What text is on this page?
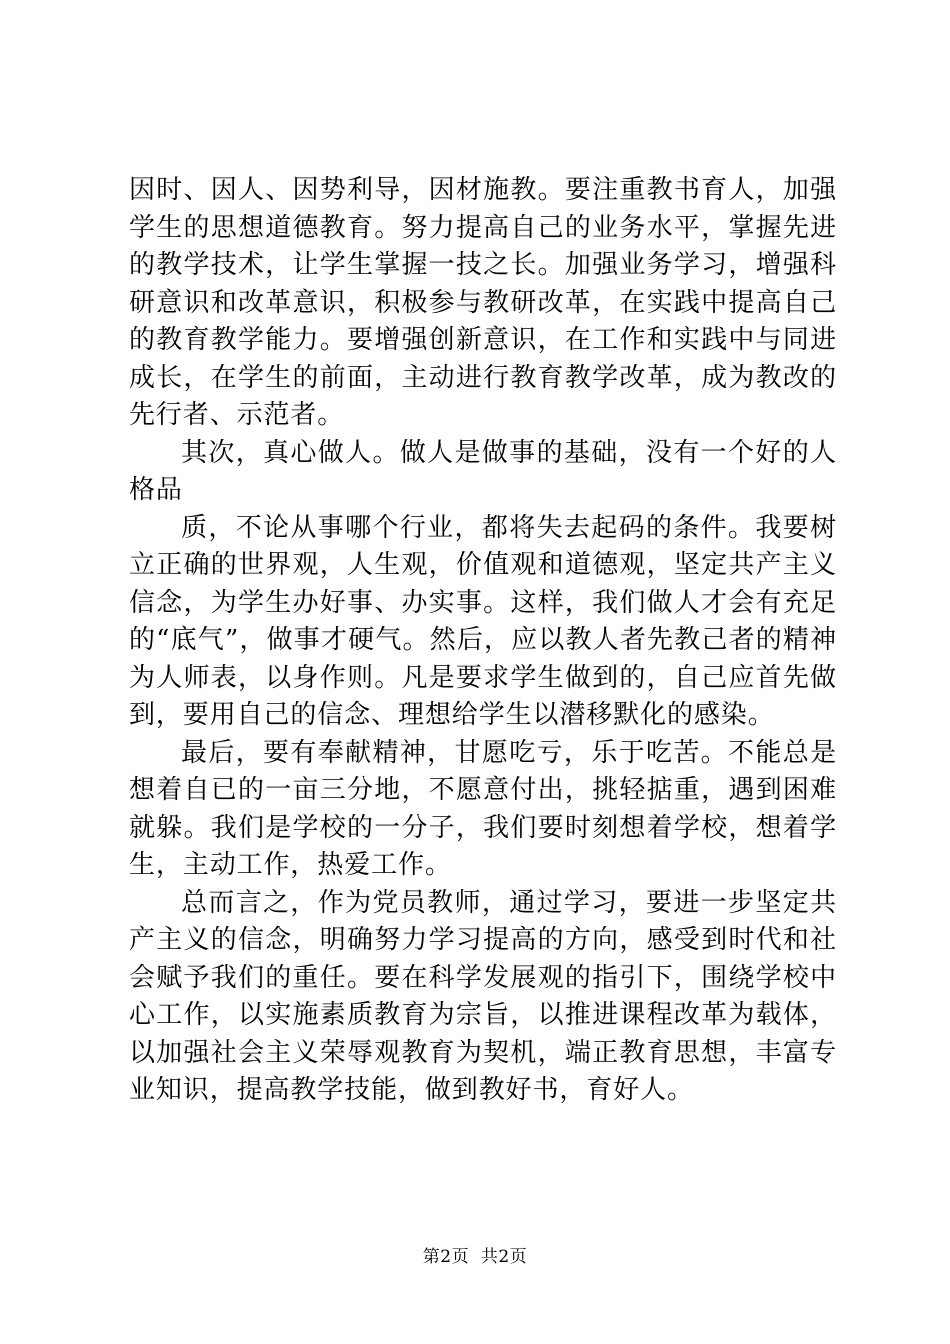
因时、因人、因势利导，因材施教。要注重教书育人，加强学生的思想道德教育。努力提高自己的业务水平，掌握先进的教学技术，让学生掌握一技之长。加强业务学习，增强科研意识和改革意识，积极参与教研改革，在实践中提高自己的教育教学能力。要增强创新意识，在工作和实践中与同进成长，在学生的前面，主动进行教育教学改革，成为教改的先行者、示范者。

其次，真心做人。做人是做事的基础，没有一个好的人格品

质，不论从事哪个行业，都将失去起码的条件。我要树立正确的世界观，人生观，价值观和道德观，坚定共产主义信念，为学生办好事、办实事。这样，我们做人才会有充足的“底气”，做事才硬气。然后，应以教人者先教己者的精神为人师表，以身作则。凡是要求学生做到的，自己应首先做到，要用自己的信念、理想给学生以潜移默化的感染。

最后，要有奉献精神，甘愿吃亏，乐于吃苦。不能总是想着自已的一亩三分地，不愿意付出，挑轻掂重，遇到困难就躲。我们是学校的一分子，我们要时刻想着学校，想着学生，主动工作，热爱工作。

总而言之，作为党员教师，通过学习，要进一步坚定共产主义的信念，明确努力学习提高的方向，感受到时代和社会赋予我们的重任。要在科学发展观的指引下，围绕学校中心工作，以实施素质教育为宗旨，以推进课程改革为载体，以加强社会主义荣辱观教育为契机，端正教育思想，丰富专业知识，提高教学技能，做到教好书，育好人。

第2页  共2页
